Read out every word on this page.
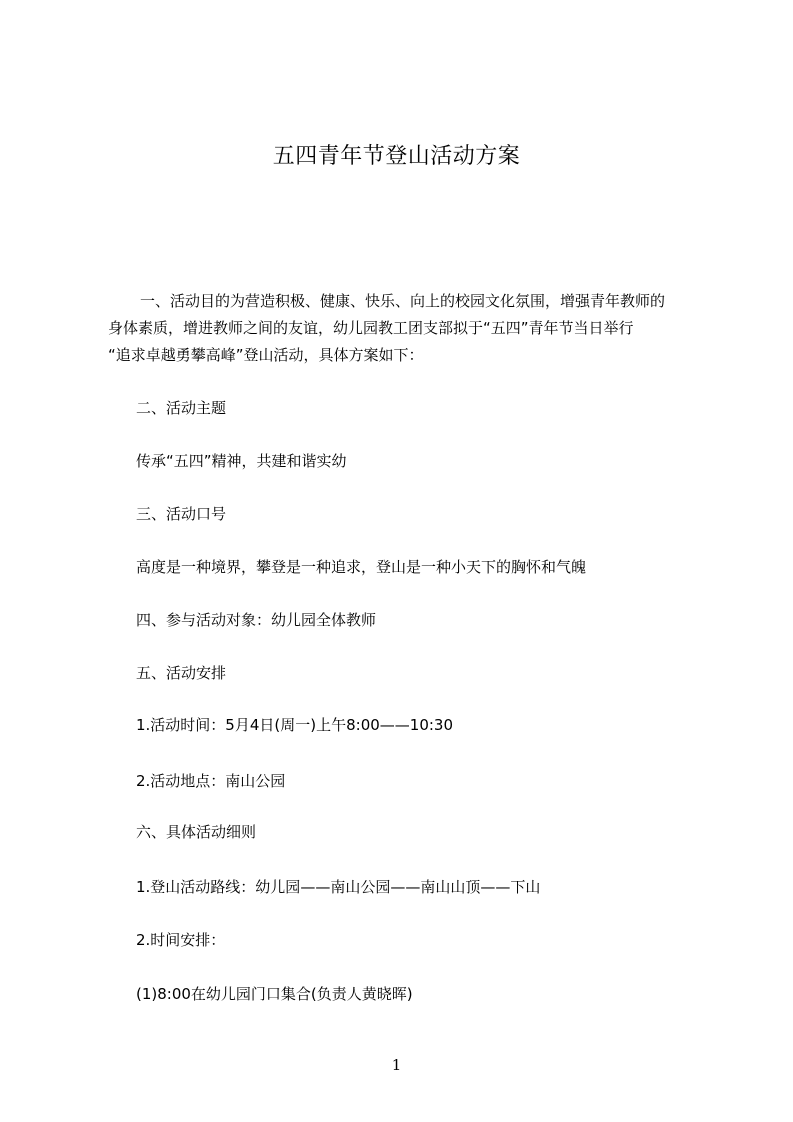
五四青年节登山活动方案
一、活动目的为营造积极、健康、快乐、向上的校园文化氛围，增强青年教师的
身体素质，增进教师之间的友谊，幼儿园教工团支部拟于“五四”青年节当日举行
“追求卓越勇攀高峰”登山活动，具体方案如下：
二、活动主题
传承“五四”精神，共建和谐实幼
三、活动口号
高度是一种境界，攀登是一种追求，登山是一种小天下的胸怀和气魄
四、参与活动对象：幼儿园全体教师
五、活动安排
1.活动时间：5月4日(周一)上午8:00——10:30
2.活动地点：南山公园
六、具体活动细则
1.登山活动路线：幼儿园——南山公园——南山山顶——下山
2.时间安排：
(1)8:00在幼儿园门口集合(负责人黄晓晖)
1
